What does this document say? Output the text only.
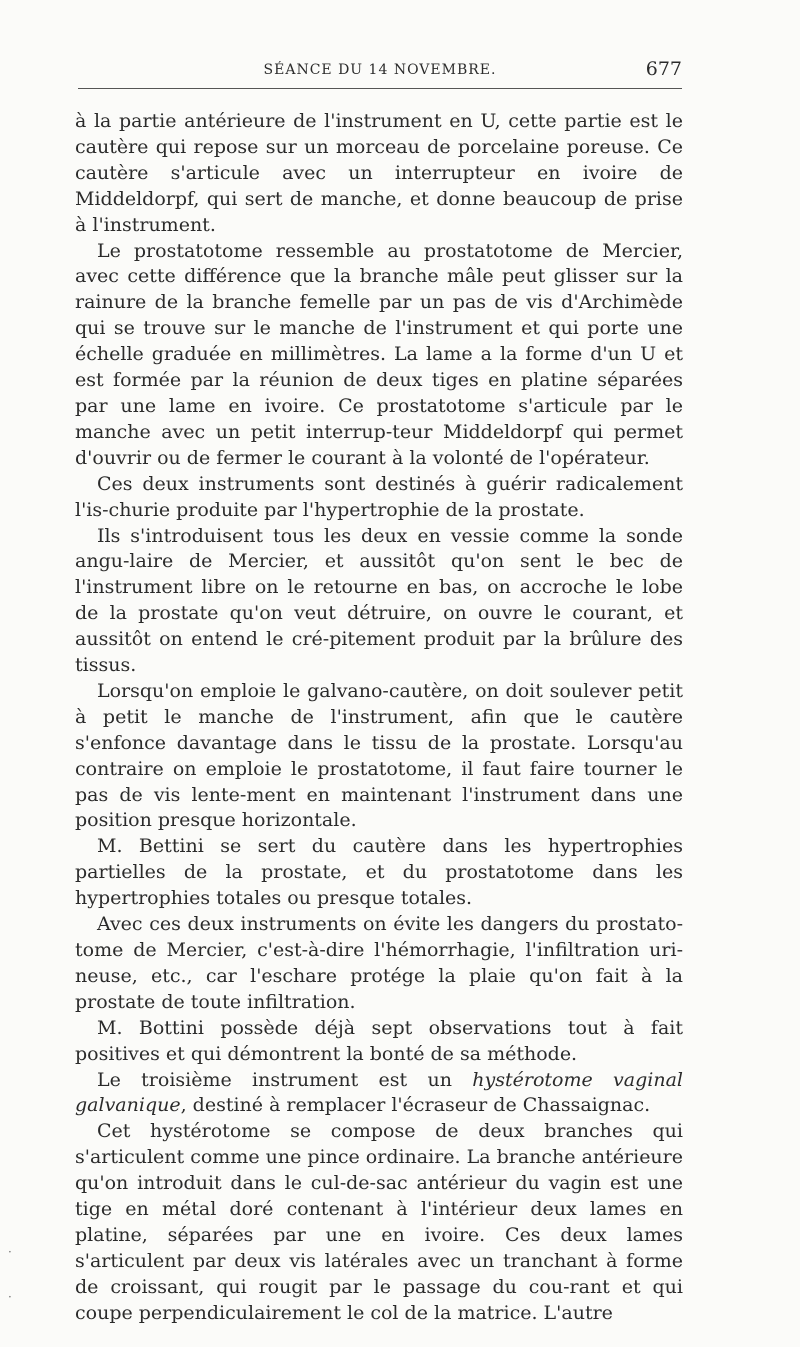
SÉANCE DU 14 NOVEMBRE.	677

à la partie antérieure de l'instrument en U, cette partie est le cautère qui repose sur un morceau de porcelaine poreuse. Ce cautère s'articule avec un interrupteur en ivoire de Middeldorpf, qui sert de manche, et donne beaucoup de prise à l'instrument.

Le prostatotome ressemble au prostatotome de Mercier, avec cette différence que la branche mâle peut glisser sur la rainure de la branche femelle par un pas de vis d'Archimède qui se trouve sur le manche de l'instrument et qui porte une échelle graduée en millimètres. La lame a la forme d'un U et est formée par la réunion de deux tiges en platine séparées par une lame en ivoire. Ce prostatotome s'articule par le manche avec un petit interrup-teur Middeldorpf qui permet d'ouvrir ou de fermer le courant à la volonté de l'opérateur.

Ces deux instruments sont destinés à guérir radicalement l'is-churie produite par l'hypertrophie de la prostate.

Ils s'introduisent tous les deux en vessie comme la sonde angu-laire de Mercier, et aussitôt qu'on sent le bec de l'instrument libre on le retourne en bas, on accroche le lobe de la prostate qu'on veut détruire, on ouvre le courant, et aussitôt on entend le cré-pitement produit par la brûlure des tissus.

Lorsqu'on emploie le galvano-cautère, on doit soulever petit à petit le manche de l'instrument, afin que le cautère s'enfonce davantage dans le tissu de la prostate. Lorsqu'au contraire on emploie le prostatotome, il faut faire tourner le pas de vis lente-ment en maintenant l'instrument dans une position presque horizontale.

M. Bettini se sert du cautère dans les hypertrophies partielles de la prostate, et du prostatotome dans les hypertrophies totales ou presque totales.

Avec ces deux instruments on évite les dangers du prostato-tome de Mercier, c'est-à-dire l'hémorrhagie, l'infiltration uri-neuse, etc., car l'eschare protége la plaie qu'on fait à la prostate de toute infiltration.

M. Bottini possède déjà sept observations tout à fait positives et qui démontrent la bonté de sa méthode.

Le troisième instrument est un hystérotome vaginal galvanique, destiné à remplacer l'écraseur de Chassaignac.

Cet hystérotome se compose de deux branches qui s'articulent comme une pince ordinaire. La branche antérieure qu'on introduit dans le cul-de-sac antérieur du vagin est une tige en métal doré contenant à l'intérieur deux lames en platine, séparées par une en ivoire. Ces deux lames s'articulent par deux vis latérales avec un tranchant à forme de croissant, qui rougit par le passage du cou-rant et qui coupe perpendiculairement le col de la matrice. L'autre

·
·
